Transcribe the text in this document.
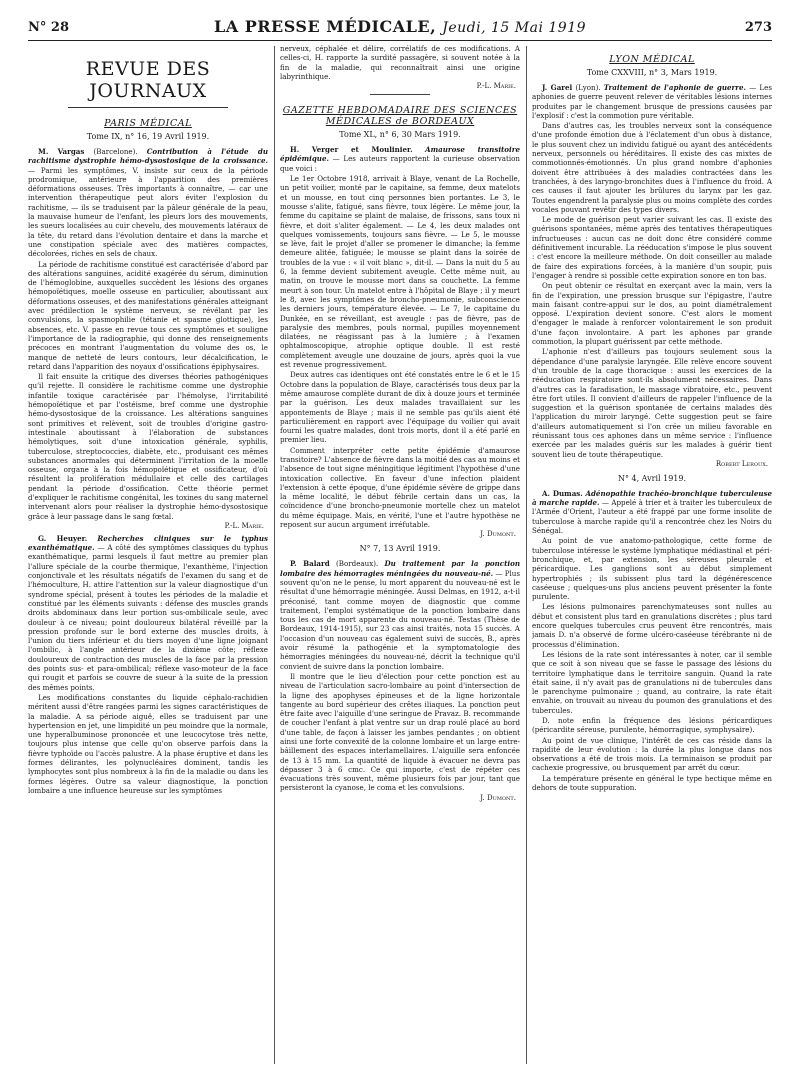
N° 28	LA PRESSE MÉDICALE, Jeudi, 15 Mai 1919	273
REVUE DES JOURNAUX
PARIS MÉDICAL
Tome IX, n° 16, 19 Avril 1919.

M. Vargas (Barcelone). Contribution à l'étude du rachitisme dystrophie hémo-dysostosique de la croissance. — Parmi les symptômes, V. insiste sur ceux de la période prodromique, antérieure à l'apparition des premières déformations osseuses. Très importants à connaître, — car une intervention thérapeutique peut alors éviter l'explosion du rachitisme, — ils se traduisent par la pâleur générale de la peau, la mauvaise humeur de l'enfant, les pleurs lors des mouvements, les sueurs localisées au cuir chevelu, des mouvements latéraux de la tête, du retard dans l'évolution dentaire et dans la marche et une constipation spéciale avec des matières compactes, décolorées, riches en sels de chaux.

La période de rachitisme constitué est caractérisée d'abord par des altérations sanguines, acidité exagérée du sérum, diminution de l'hémoglobine, auxquelles succèdent les lésions des organes hémopoïétiques, moelle osseuse en particulier, aboutissant aux déformations osseuses, et des manifestations générales atteignant avec prédilection le système nerveux, se révélant par les convulsions, la spasmophilie (tétanie et spasme glottique), les absences, etc. V. passe en revue tous ces symptômes et souligne l'importance de la radiographie, qui donne des renseignements précoces en montrant l'augmentation du volume des os, le manque de netteté de leurs contours, leur décalcification, le retard dans l'apparition des noyaux d'ossifications épiphysaires.

Il fait ensuite la critique des diverses théories pathogéniques qu'il rejette. Il considère le rachitisme comme une dystrophie infantile toxique caractérisée par l'hémolyse, l'irritabilité hémopoïétique et par l'ostéisme, bref comme une dystrophie hémo-dysostosique de la croissance. Les altérations sanguines sont primitives et relèvent, soit de troubles d'origine gastro-intestinale aboutissant à l'élaboration de substances hémolytiques, soit d'une intoxication générale, syphilis, tuberculose, streptococcies, diabète, etc., produisant ces mêmes substances anormales qui déterminent l'irritation de la moelle osseuse, organe à la fois hémopoïétique et ossificateur, d'où résultent la prolifération médullaire et celle des cartilages pendant la période d'ossification. Cette théorie permet d'expliquer le rachitisme congénital, les toxines du sang maternel intervenant alors pour réaliser la dystrophie hémo-dysostosique grâce à leur passage dans le sang fœtal.

P.-L. Marie.

G. Heuyer. Recherches cliniques sur le typhus exanthématique. — A côté des symptômes classiques du typhus exanthématique, parmi lesquels il faut mettre au premier plan l'allure spéciale de la courbe thermique, l'exanthème, l'injection conjonctivale et les résultats négatifs de l'examen du sang et de l'hémoculture, H. attire l'attention sur la valeur diagnostique d'un syndrome spécial, présent à toutes les périodes de la maladie et constitué par les éléments suivants : défense des muscles grands droits abdominaux dans leur portion sus-ombilicale seule, avec douleur à ce niveau; point douloureux bilatéral réveillé par la pression profonde sur le bord externe des muscles droits, à l'union du tiers inférieur et du tiers moyen d'une ligne joignant l'ombilic, à l'angle antérieur de la dixième côte; réflexe douloureux de contraction des muscles de la face par la pression des points sus- et para-ombilical; réflexe vaso-moteur de la face qui rougit et parfois se couvre de sueur à la suite de la pression des mêmes points.

Les modifications constantes du liquide céphalo-rachidien méritent aussi d'être rangées parmi les signes caractéristiques de la maladie. A sa période aiguë, elles se traduisent par une hypertension en jet, une limpidité un peu moindre que la normale, une hyperalbuminose prononcée et une leucocytose très nette, toujours plus intense que celle qu'on observe parfois dans la fièvre typhoïde ou l'accès palustre. A la phase éruptive et dans les formes délirantes, les polynucléaires dominent, tandis les lymphocytes sont plus nombreux à la fin de la maladie ou dans les formes légères. Outre sa valeur diagnostique, la ponction lombaire a une influence heureuse sur les symptômes

nerveux, céphalée et délire, corrélatifs de ces modifications. A celles-ci, H. rapporte la surdité passagère, si souvent notée à la fin de la maladie, qui reconnaîtrait ainsi une origine labyrinthique.

P.-L. Marie.
GAZETTE HEBDOMADAIRE DES SCIENCES MÉDICALES de BORDEAUX
Tome XL, n° 6, 30 Mars 1919.

H. Verger et Moulinier. Amaurose transitoire épidémique. — Les auteurs rapportent la curieuse observation que voici :

Le 1er Octobre 1918, arrivait à Blaye, venant de La Rochelle, un petit voilier, monté par le capitaine, sa femme, deux matelots et un mousse, en tout cinq personnes bien portantes. Le 3, le mousse s'alite, fatigué, sans fièvre, toux légère. Le même jour, la femme du capitaine se plaint de malaise, de frissons, sans toux ni fièvre, et doit s'aliter également. — Le 4, les deux malades ont quelques vomissements, toujours sans fièvre. — Le 5, le mousse se lève, fait le projet d'aller se promener le dimanche; la femme demeure alitée, fatiguée; le mousse se plaint dans la soirée de troubles de la vue : « il voit blanc », dit-il. — Dans la nuit du 5 au 6, la femme devient subitement aveugle. Cette même nuit, au matin, on trouve le mousse mort dans sa couchette. La femme meurt à son tour. Un matelot entre à l'hôpital de Blaye ; il y meurt le 8, avec les symptômes de broncho-pneumonie, subconscience les derniers jours, température élevée. — Le 7, le capitaine du Dunkée, en se réveillant, est aveugle : pas de fièvre, pas de paralysie des membres, pouls normal, pupilles moyennement dilatées, ne réagissant pas à la lumière ; à l'examen ophtalmoscopique, atrophie optique double. Il est resté complètement aveugle une douzaine de jours, après quoi la vue est revenue progressivement.

Deux autres cas identiques ont été constatés entre le 6 et le 15 Octobre dans la population de Blaye, caractérisés tous deux par la même amaurose complète durant de dix à douze jours et terminée par la guérison. Les deux malades travaillaient sur les appontements de Blaye ; mais il ne semble pas qu'ils aient été particulièrement en rapport avec l'équipage du voilier qui avait fourni les quatre malades, dont trois morts, dont il a été parlé en premier lieu.

Comment interpréter cette petite épidémie d'amaurose transitoire? L'absence de fièvre dans la moitié des cas au moins et l'absence de tout signe méningitique légitiment l'hypothèse d'une intoxication collective. En faveur d'une infection plaident l'extension à cette époque, d'une épidémie sévère de grippe dans la même localité, le début fébrile certain dans un cas, la coïncidence d'une broncho-pneumonie mortelle chez un matelot du même équipage. Mais, en vérité, l'une et l'autre hypothèse ne reposent sur aucun argument irréfutable.

J. Dumont.
N° 7, 13 Avril 1919.

P. Balard (Bordeaux). Du traitement par la ponction lombaire des hémorragies méningées du nouveau-né. — Plus souvent qu'on ne le pense, lu mort apparent du nouveau-né est le résultat d'une hémorragie méningée. Aussi Delmas, en 1912, a-t-il préconisé, tant comme moyen de diagnostic que comme traitement, l'emploi systématique de la ponction lombaire dans tous les cas de mort apparente du nouveau-né. Testas (Thèse de Bordeaux, 1914-1915), sur 23 cas ainsi traités, nota 15 succès. A l'occasion d'un nouveau cas également suivi de succès, B., après avoir résumé la pathogénie et la symptomatologie des hémorragies méningées du nouveau-né, décrit la technique qu'il convient de suivre dans la ponction lombaire.

Il montre que le lieu d'élection pour cette ponction est au niveau de l'articulation sacro-lombaire au point d'intersection de la ligne des apophyses épineuses et de la ligne horizontale tangente au bord supérieur des crêtes iliaques. La ponction peut être faite avec l'aiguille d'une seringue de Pravaz. B. recommande de coucher l'enfant à plat ventre sur un drap roulé placé au bord d'une table, de façon à laisser les jambes pendantes ; on obtient ainsi une forte convexité de la colonne lombaire et un large entre-bâillement des espaces interlamellaires. L'aiguille sera enfoncée de 13 à 15 mm. La quantité de liquide à évacuer ne devra pas dépasser 3 à 6 cmc. Ce qui importe, c'est de répéter ces évacuations très souvent, même plusieurs fois par jour, tant que persisteront la cyanose, le coma et les convulsions.

J. Dumont.
LYON MÉDICAL
Tome CXXVIII, n° 3, Mars 1919.

J. Garel (Lyon). Traitement de l'aphonie de guerre. — Les aphonies de guerre peuvent relever de véritables lésions internes produites par le changement brusque de pressions causées par l'explosif : c'est la commotion pure véritable.

Dans d'autres cas, les troubles nerveux sont la conséquence d'une profonde émotion due à l'éclatement d'un obus à distance, le plus souvent chez un individu fatigué ou ayant des antécédents nerveux, personnels ou héréditaires. Il existe des cas mixtes de commotionnés-émotionnés. Un plus grand nombre d'aphonies doivent être attribuées à des maladies contractées dans les tranchées, à des laryngo-bronchites dues à l'influence du froid. A ces causes il faut ajouter les brûlures du larynx par les gaz. Toutes engendrent la paralysie plus ou moins complète des cordes vocales pouvant revêtir des types divers.

Le mode de guérison peut varier suivant les cas. Il existe des guérisons spontanées, même après des tentatives thérapeutiques infructueuses : aucun cas ne doit donc être considéré comme définitivement incurable. La rééducation s'impose le plus souvent : c'est encore la meilleure méthode. On doit conseiller au malade de faire des expirations forcées, à la manière d'un soupir, puis l'engager à rendre si possible cette expiration sonore en ton bas.

On peut obtenir ce résultat en exerçant avec la main, vers la fin de l'expiration, une pression brusque sur l'épigastre, l'autre main faisant contre-appui sur le dos, au point diamétralement opposé. L'expiration devient sonore. C'est alors le moment d'engager le malade à renforcer volontairement le son produit d'une façon involontaire. A part les aphones par grande commotion, la plupart guérissent par cette méthode.

L'aphonie n'est d'ailleurs pas toujours seulement sous la dépendance d'une paralysie laryngée. Elle relève encore souvent d'un trouble de la cage thoracique : aussi les exercices de la rééducation respiratoire sont-ils absolument nécessaires. Dans d'autres cas la faradisation, le massage vibratoire, etc., peuvent être fort utiles. Il convient d'ailleurs de rappeler l'influence de la suggestion et la guérison spontanée de certains malades dès l'application du miroir laryngé. Cette suggestion peut se faire d'ailleurs automatiquement si l'on crée un milieu favorable en réunissant tous ces aphones dans un même service : l'influence exercée par les malades guéris sur les malades à guérir tient souvent lieu de toute thérapeutique.

Robert Leroux.
N° 4, Avril 1919.

A. Dumas. Adénopathie trachéo-bronchique tuberculeuse à marche rapide. — Appelé à trier et à traiter les tuberculeux de l'Armée d'Orient, l'auteur a été frappé par une forme insolite de tuberculose à marche rapide qu'il a rencontrée chez les Noirs du Sénégal.

Au point de vue anatomo-pathologique, cette forme de tuberculose intéresse le système lymphatique médiastinal et péri-bronchique, et, par extension, les séreuses pleurale et péricardique. Les ganglions sont au début simplement hypertrophiés ; ils subissent plus tard la dégénérescence caséeuse ; quelques-uns plus anciens peuvent présenter la fonte purulente.

Les lésions pulmonaires parenchymateuses sont nulles au début et consistent plus tard en granulations discrètes ; plus tard encore quelques tubercules crus peuvent être rencontrés, mais jamais D. n'a observé de forme ulcéro-caséeuse térébrante ni de processus d'élimination.

Les lésions de la rate sont intéressantes à noter, car il semble que ce soit à son niveau que se fasse le passage des lésions du territoire lymphatique dans le territoire sanguin. Quand la rate était saine, il n'y avait pas de granulations ni de tubercules dans le parenchyme pulmonaire ; quand, au contraire, la rate était envahie, on trouvait au niveau du poumon des granulations et des tubercules.

D. note enfin la fréquence des lésions péricardiques (péricardite séreuse, purulente, hémorragique, symphysaire).

Au point de vue clinique, l'intérêt de ces cas réside dans la rapidité de leur évolution : la durée la plus longue dans nos observations a été de trois mois. La terminaison se produit par cachexie progressive, ou brusquement par arrêt du cœur.

La température présente en général le type hectique même en dehors de toute suppuration.
